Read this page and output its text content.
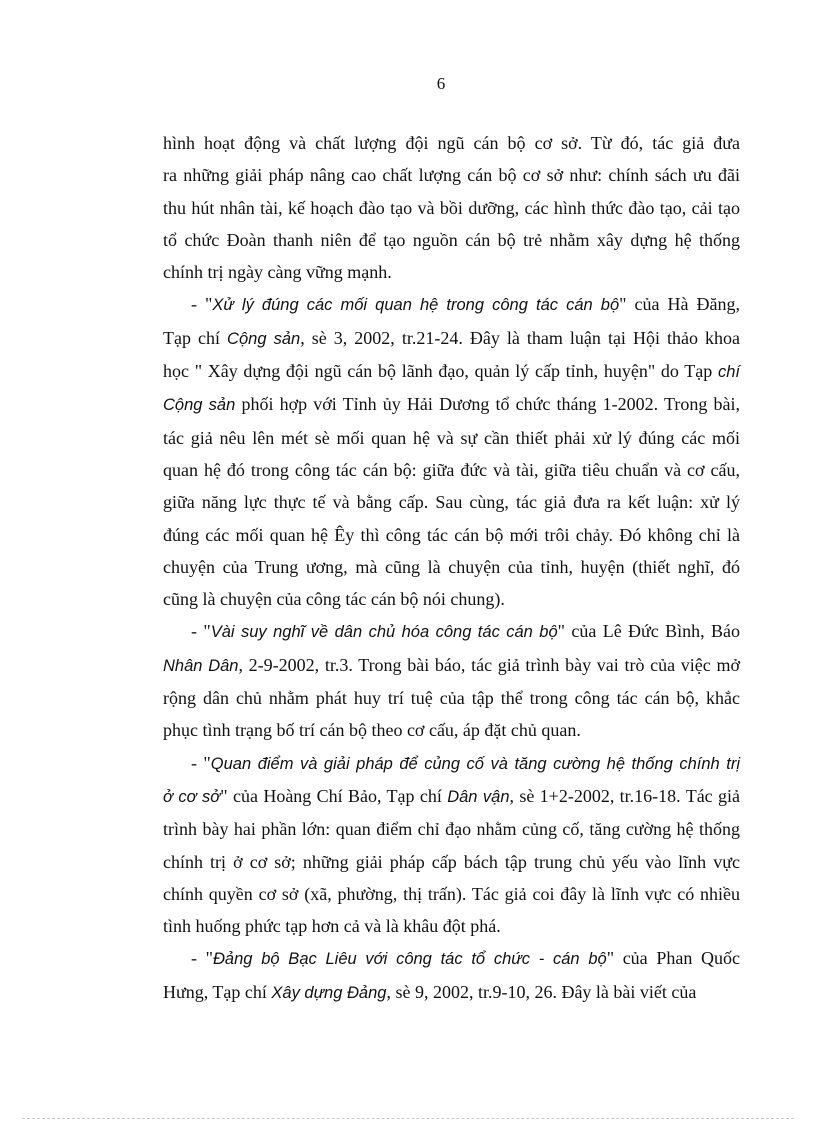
6
hình hoạt động và chất lượng đội ngũ cán bộ cơ sở. Từ đó, tác giả đưa
ra những giải pháp nâng cao chất lượng cán bộ cơ sở như: chính sách ưu đãi
thu hút nhân tài, kế hoạch đào tạo và bồi dưỡng, các hình thức đào tạo, cải tạo
tổ chức Đoàn thanh niên để tạo nguồn cán bộ trẻ nhằm xây dựng hệ thống
chính trị ngày càng vững mạnh.
- "Xử lý đúng các mối quan hệ trong công tác cán bộ" của Hà Đăng,
Tạp chí Cộng sản, sè 3, 2002, tr.21-24. Đây là tham luận tại Hội thảo khoa
học " Xây dựng đội ngũ cán bộ lãnh đạo, quản lý cấp tỉnh, huyện" do Tạp chí
Cộng sản phối hợp với Tỉnh ủy Hải Dương tổ chức tháng 1-2002. Trong bài,
tác giả nêu lên mét sè mối quan hệ và sự cần thiết phải xử lý đúng các mối
quan hệ đó trong công tác cán bộ: giữa đức và tài, giữa tiêu chuẩn và cơ cấu,
giữa năng lực thực tế và bằng cấp. Sau cùng, tác giả đưa ra kết luận: xử lý
đúng các mối quan hệ Êy thì công tác cán bộ mới trôi chảy. Đó không chỉ là
chuyện của Trung ương, mà cũng là chuyện của tỉnh, huyện (thiết nghĩ, đó
cũng là chuyện của công tác cán bộ nói chung).
- "Vài suy nghĩ về dân chủ hóa công tác cán bộ" của Lê Đức Bình, Báo
Nhân Dân, 2-9-2002, tr.3. Trong bài báo, tác giả trình bày vai trò của việc mở
rộng dân chủ nhằm phát huy trí tuệ của tập thể trong công tác cán bộ, khắc
phục tình trạng bố trí cán bộ theo cơ cấu, áp đặt chủ quan.
- "Quan điểm và giải pháp để củng cố và tăng cường hệ thống chính trị
ở cơ sở" của Hoàng Chí Bảo, Tạp chí Dân vận, sè 1+2-2002, tr.16-18. Tác giả
trình bày hai phần lớn: quan điểm chỉ đạo nhằm củng cố, tăng cường hệ thống
chính trị ở cơ sở; những giải pháp cấp bách tập trung chủ yếu vào lĩnh vực
chính quyền cơ sở (xã, phường, thị trấn). Tác giả coi đây là lĩnh vực có nhiều
tình huống phức tạp hơn cả và là khâu đột phá.
- "Đảng bộ Bạc Liêu với công tác tổ chức - cán bộ" của Phan Quốc
Hưng, Tạp chí Xây dựng Đảng, sè 9, 2002, tr.9-10, 26. Đây là bài viết của
